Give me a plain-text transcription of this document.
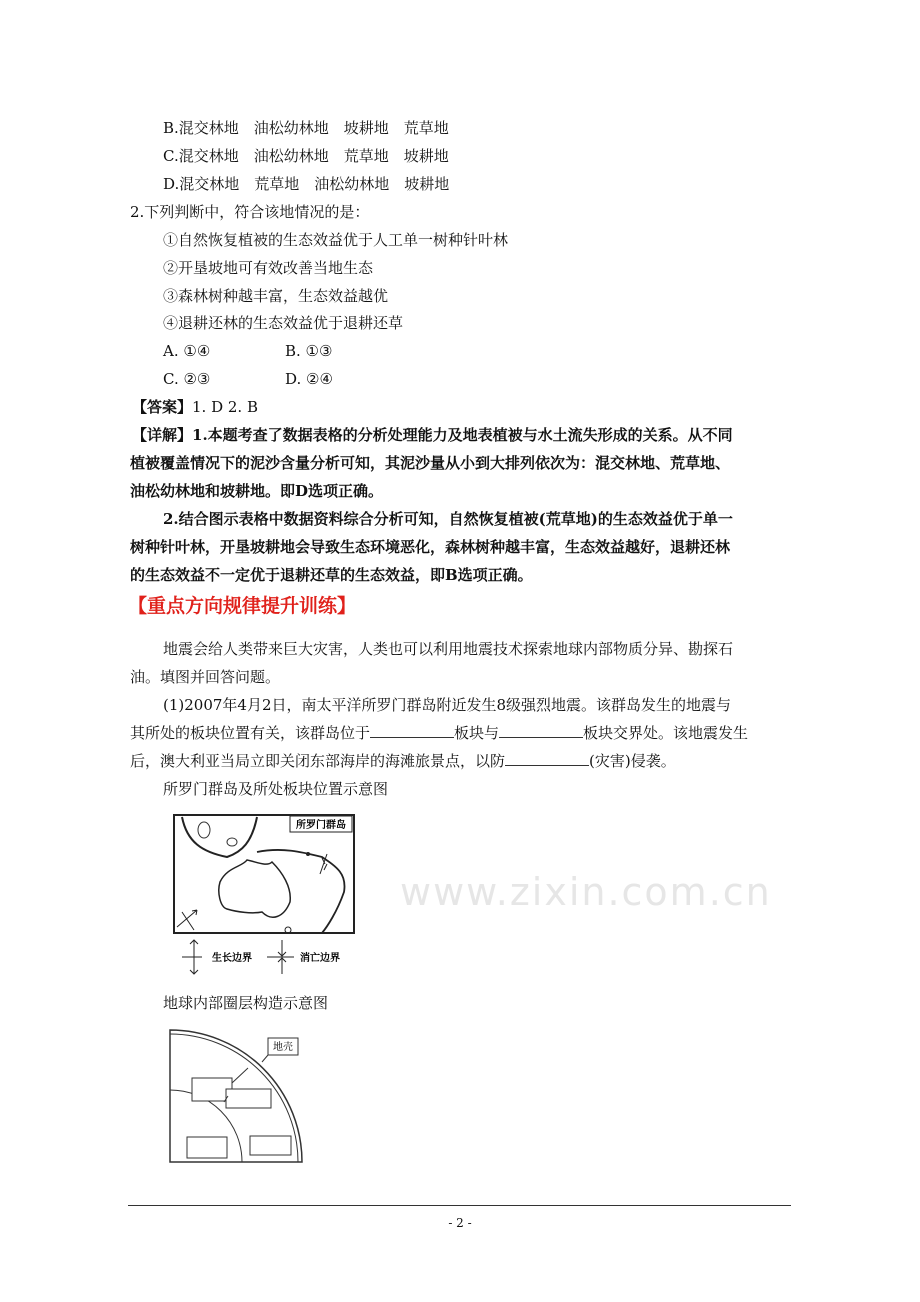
www.zixin.com.cn
B.混交林地　油松幼林地　坡耕地　荒草地
C.混交林地　油松幼林地　荒草地　坡耕地
D.混交林地　荒草地　油松幼林地　坡耕地
2.下列判断中，符合该地情况的是：
①自然恢复植被的生态效益优于人工单一树种针叶林
②开垦坡地可有效改善当地生态
③森林树种越丰富，生态效益越优
④退耕还林的生态效益优于退耕还草
A. ①④	B. ①③
C. ②③	D. ②④
【答案】1. D 2. B
【详解】1.本题考查了数据表格的分析处理能力及地表植被与水土流失形成的关系。从不同
植被覆盖情况下的泥沙含量分析可知，其泥沙量从小到大排列依次为：混交林地、荒草地、
油松幼林地和坡耕地。即D选项正确。
2.结合图示表格中数据资料综合分析可知，自然恢复植被(荒草地)的生态效益优于单一
树种针叶林，开垦坡耕地会导致生态环境恶化，森林树种越丰富，生态效益越好，退耕还林
的生态效益不一定优于退耕还草的生态效益，即B选项正确。
【重点方向规律提升训练】
地震会给人类带来巨大灾害，人类也可以利用地震技术探索地球内部物质分异、勘探石
油。填图并回答问题。
(1)2007年4月2日，南太平洋所罗门群岛附近发生8级强烈地震。该群岛发生的地震与
其所处的板块位置有关，该群岛位于	板块与	板块交界处。该地震发生
后，澳大利亚当局立即关闭东部海岸的海滩旅景点，以防	(灾害)侵袭。
所罗门群岛及所处板块位置示意图
所罗门群岛
生长边界	消亡边界
地球内部圈层构造示意图
地壳
- 2 -
